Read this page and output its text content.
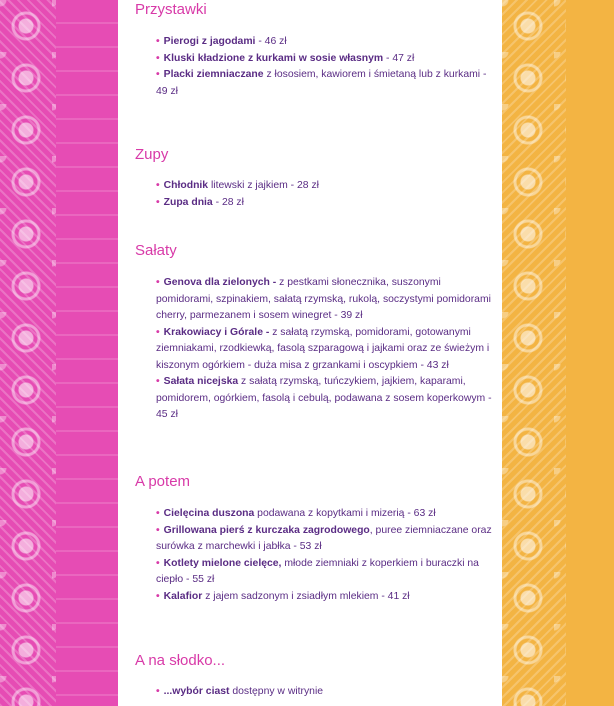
Przystawki
• Pierogi z jagodami - 46 zł
• Kluski kładzione z kurkami w sosie własnym - 47 zł
• Placki ziemniaczane z łososiem, kawiorem i śmietaną lub z kurkami - 49 zł
Zupy
• Chłodnik litewski z jajkiem - 28 zł
• Zupa dnia - 28 zł
Sałaty
• Genova dla zielonych - z pestkami słonecznika, suszonymi pomidorami, szpinakiem, sałatą rzymską, rukolą, soczystymi pomidorami cherry, parmezanem i sosem winegret - 39 zł
• Krakowiacy i Górale - z sałatą rzymską, pomidorami, gotowanymi ziemniakami, rzodkiewką, fasolą szparagową i jajkami oraz ze świeżym i kiszonym ogórkiem - duża misa z grzankami i oscypkiem - 43 zł
• Sałata nicejska z sałatą rzymską, tuńczykiem, jajkiem, kaparami, pomidorem, ogórkiem, fasolą i cebulą, podawana z sosem koperkowym - 45 zł
A potem
• Cielęcina duszona podawana z kopytkami i mizerią - 63 zł
• Grillowana pierś z kurczaka zagrodowego, puree ziemniaczane oraz surówka z marchewki i jabłka - 53 zł
• Kotlety mielone cielęce, młode ziemniaki z koperkiem i buraczki na ciepło - 55 zł
• Kalafior z jajem sadzonym i zsiadłym mlekiem - 41 zł
A na słodko...
• ...wybór ciast dostępny w witrynie
